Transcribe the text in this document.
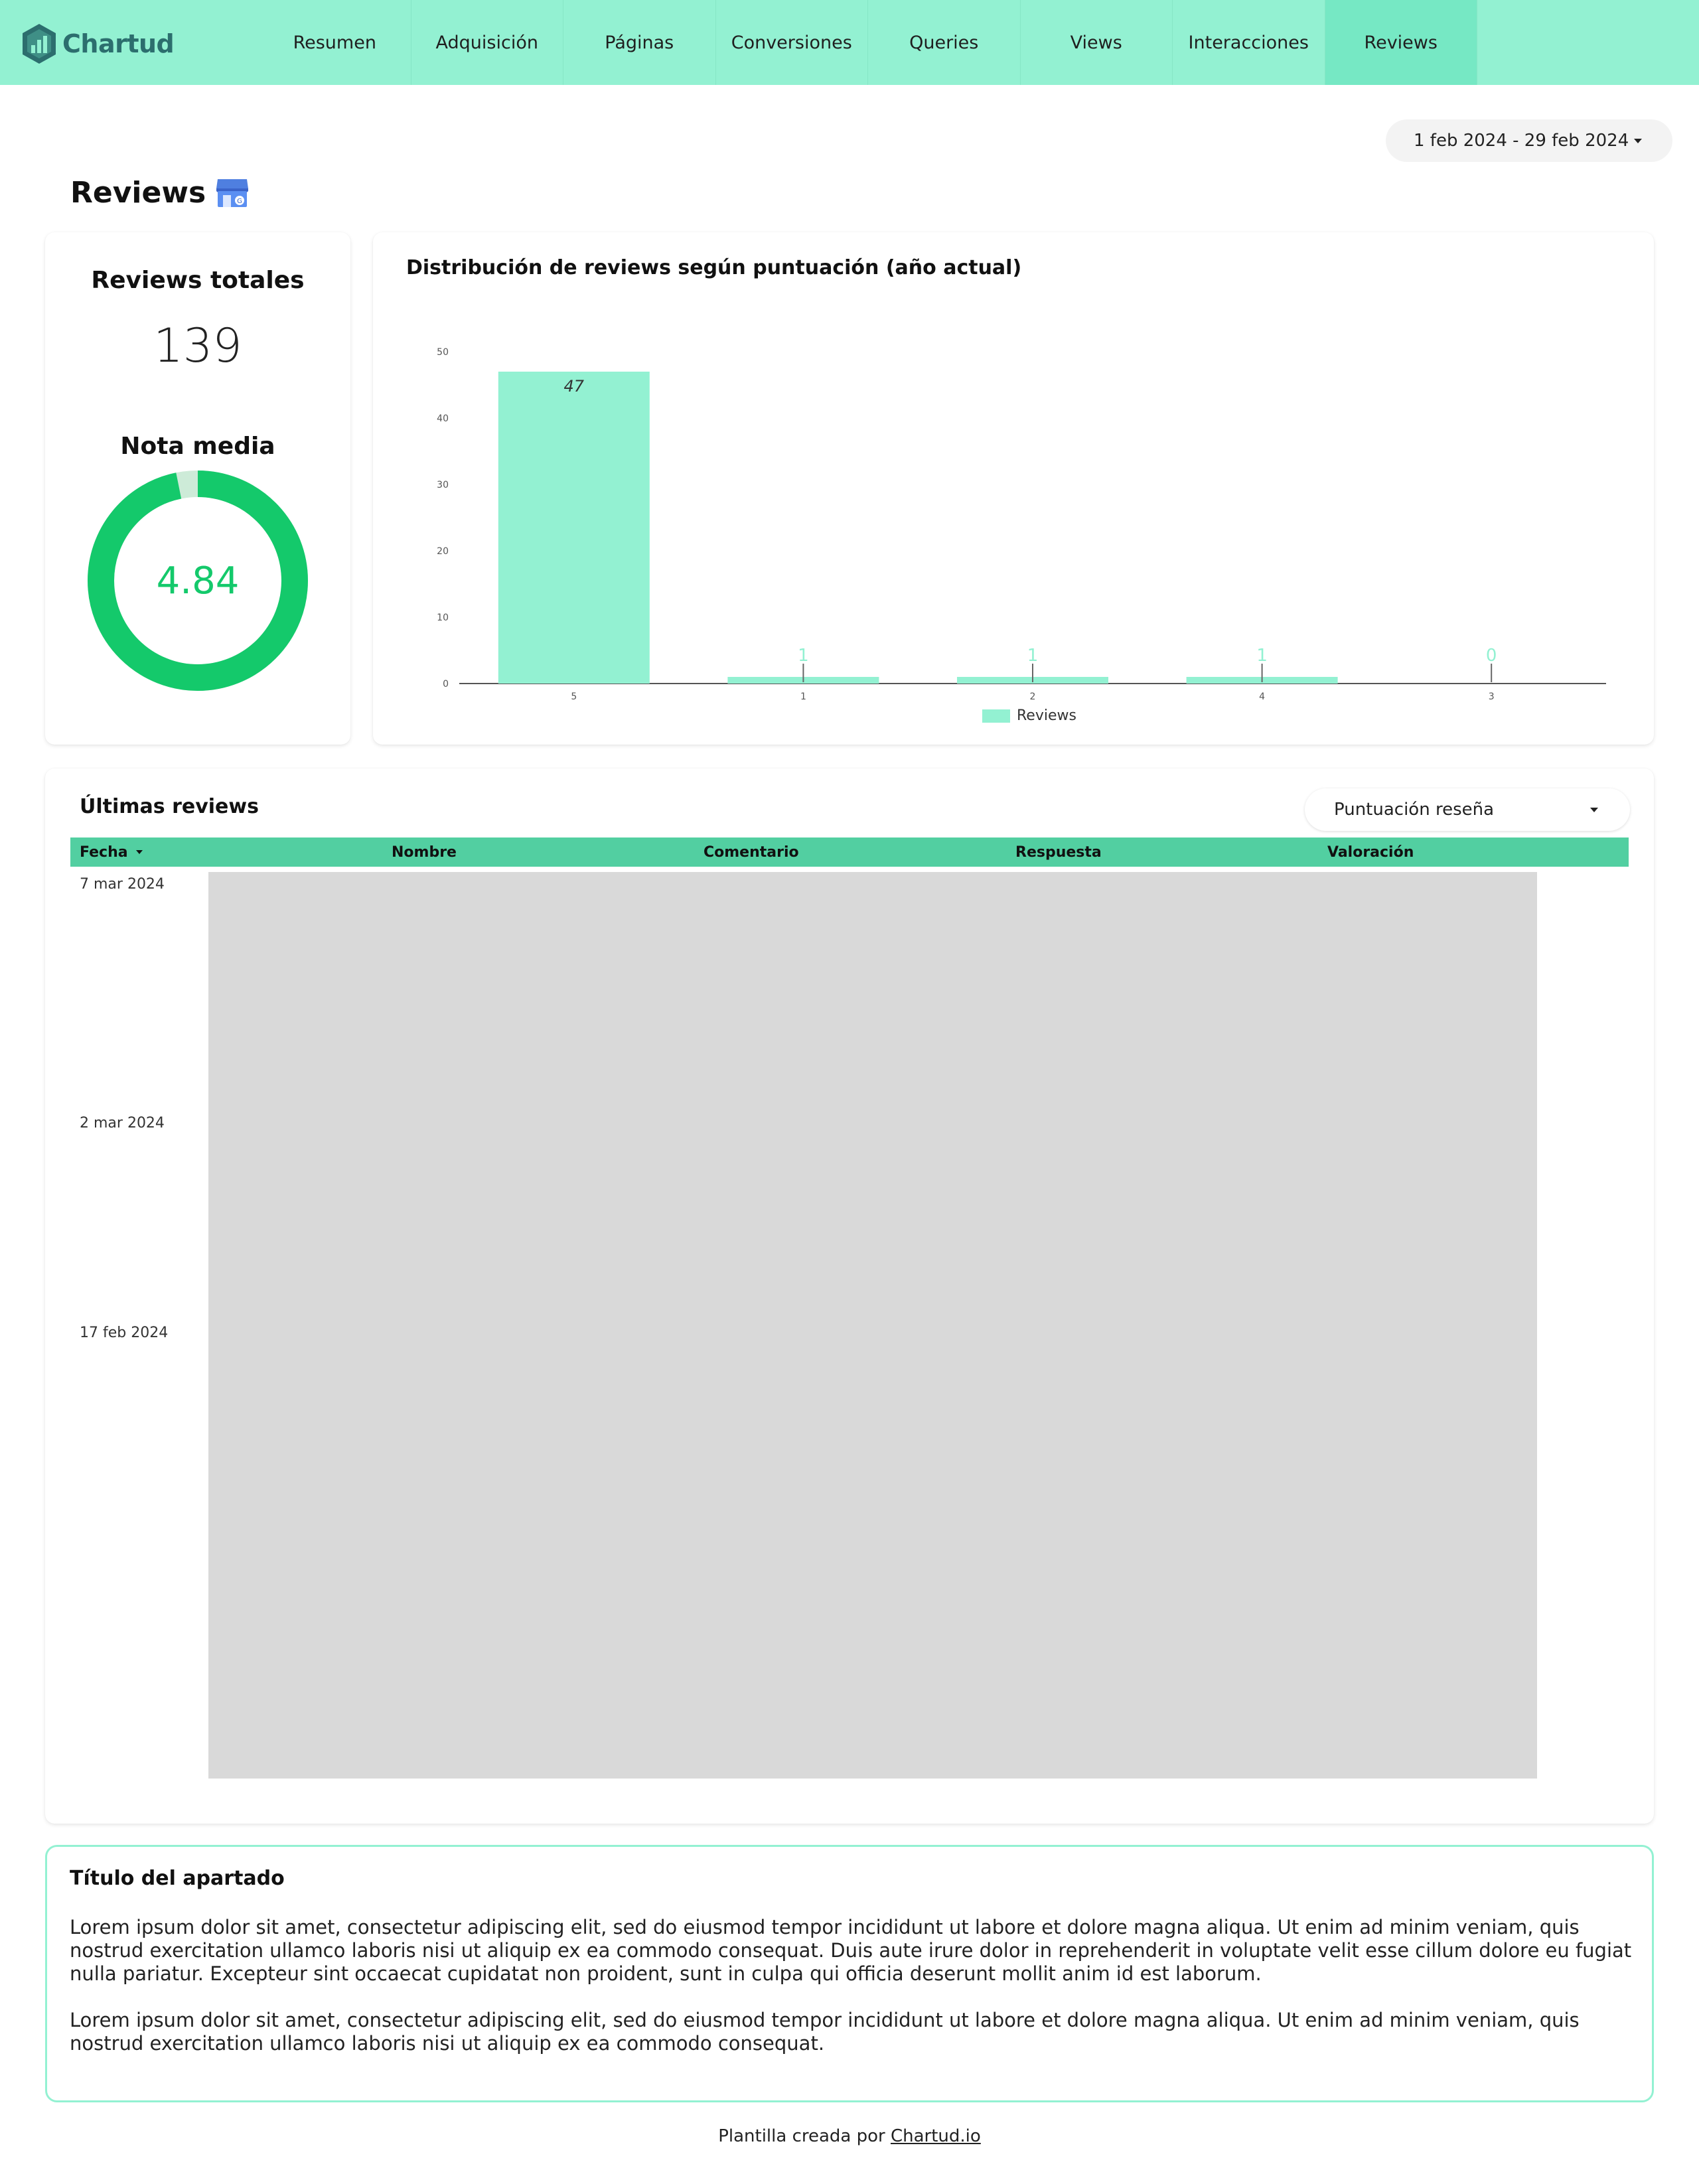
Chartud	Resumen	Adquisición	Páginas	Conversiones	Queries	Views	Interacciones	Reviews
1 feb 2024 - 29 feb 2024
Reviews	G
Reviews totales
139
Nota media
4.84
Distribución de reviews según puntuación (año actual)
0
10
20
30
40
50
47
5
1
1
1
2
1
4
0
3
Reviews
Últimas reviews	Puntuación reseña
Fecha	Nombre	Comentario	Respuesta	Valoración
7 mar 2024
2 mar 2024
17 feb 2024
Título del apartado

Lorem ipsum dolor sit amet, consectetur adipiscing elit, sed do eiusmod tempor incididunt ut labore et dolore magna aliqua. Ut enim ad minim veniam, quis nostrud exercitation ullamco laboris nisi ut aliquip ex ea commodo consequat. Duis aute irure dolor in reprehenderit in voluptate velit esse cillum dolore eu fugiat nulla pariatur. Excepteur sint occaecat cupidatat non proident, sunt in culpa qui officia deserunt mollit anim id est laborum.

Lorem ipsum dolor sit amet, consectetur adipiscing elit, sed do eiusmod tempor incididunt ut labore et dolore magna aliqua. Ut enim ad minim veniam, quis nostrud exercitation ullamco laboris nisi ut aliquip ex ea commodo consequat.

Plantilla creada por Chartud.io
